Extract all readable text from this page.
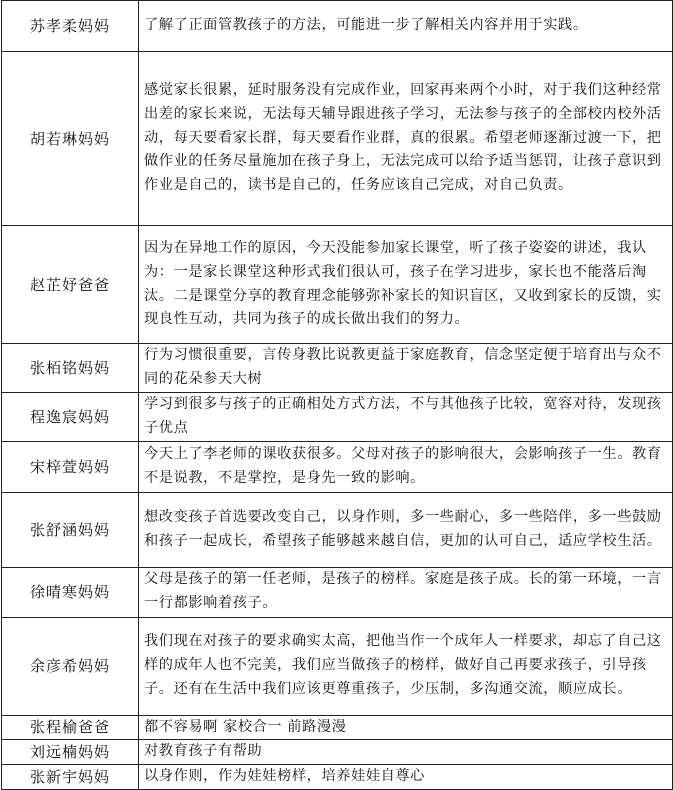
苏孝柔妈妈	了解了正面管教孩子的方法，可能进一步了解相关内容并用于实践。
胡若琳妈妈	感觉家长很累，延时服务没有完成作业，回家再来两个小时，对于我们这种经常出差的家长来说，无法每天辅导跟进孩子学习，无法参与孩子的全部校内校外活动，每天要看家长群，每天要看作业群，真的很累。希望老师逐渐过渡一下，把做作业的任务尽量施加在孩子身上，无法完成可以给予适当惩罚，让孩子意识到作业是自己的，读书是自己的，任务应该自己完成，对自己负责。
赵芷妤爸爸	因为在异地工作的原因，今天没能参加家长课堂，听了孩子姿姿的讲述，我认为：一是家长课堂这种形式我们很认可，孩子在学习进步，家长也不能落后淘汰。二是课堂分享的教育理念能够弥补家长的知识盲区，又收到家长的反馈，实现良性互动，共同为孩子的成长做出我们的努力。
张栢铭妈妈	行为习惯很重要，言传身教比说教更益于家庭教育，信念坚定便于培育出与众不同的花朵参天大树
程逸宸妈妈	学习到很多与孩子的正确相处方式方法，不与其他孩子比较，宽容对待，发现孩子优点
宋梓萱妈妈	今天上了李老师的课收获很多。父母对孩子的影响很大，会影响孩子一生。教育不是说教，不是掌控，是身先一致的影响。
张舒涵妈妈	想改变孩子首选要改变自己，以身作则，多一些耐心，多一些陪伴，多一些鼓励和孩子一起成长，希望孩子能够越来越自信，更加的认可自己，适应学校生活。
徐晴寒妈妈	父母是孩子的第一任老师，是孩子的榜样。家庭是孩子成。长的第一环境，一言一行都影响着孩子。
余彦希妈妈	我们现在对孩子的要求确实太高，把他当作一个成年人一样要求，却忘了自己这样的成年人也不完美，我们应当做孩子的榜样，做好自己再要求孩子，引导孩子。还有在生活中我们应该更尊重孩子，少压制，多沟通交流，顺应成长。
张程榆爸爸	都不容易啊 家校合一 前路漫漫
刘远楠妈妈	对教育孩子有帮助
张新宇妈妈	以身作则，作为娃娃榜样，培养娃娃自尊心
